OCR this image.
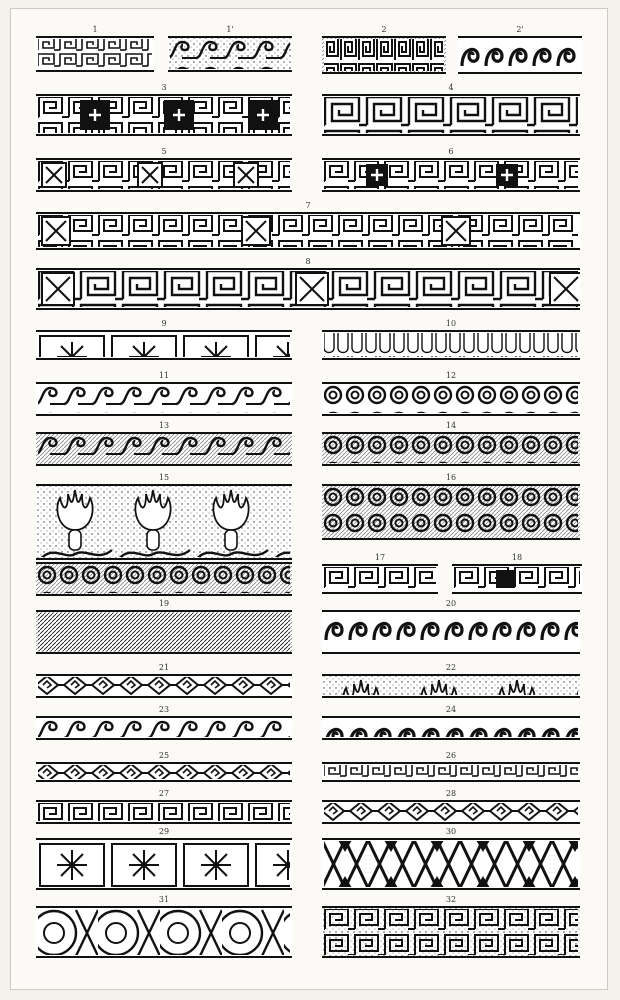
1	1'	2	2'
3	4
5	6
7
8
9	10
11	12
13	14
15	16
17	18
19	20
21	22
23	24
25	26
27	28
29	30
31	32
